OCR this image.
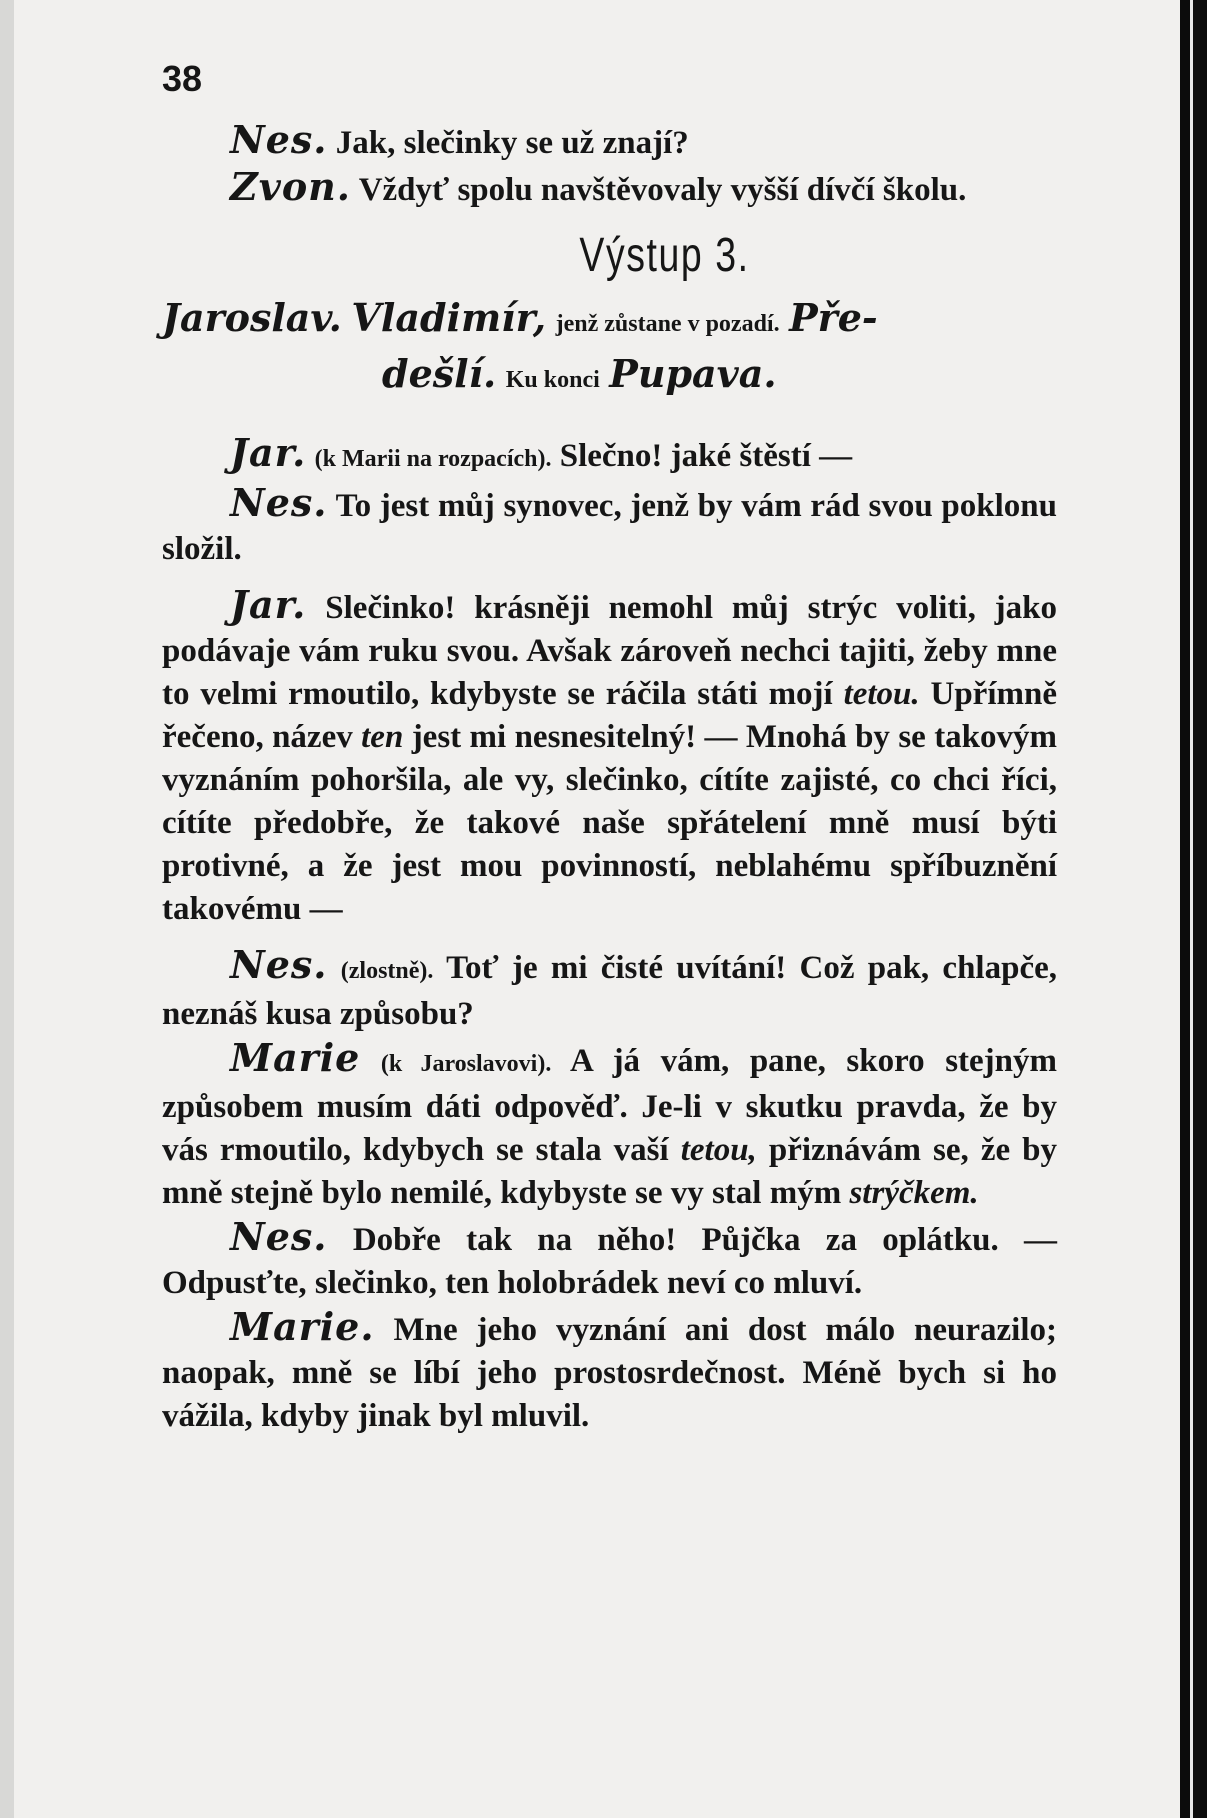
38

Nes. Jak, slečinky se už znají?

Zvon. Vždyť spolu navštěvovaly vyšší dívčí školu.

Výstup 3.
Jaroslav. Vladimír, jenž zůstane v pozadí. Pře-
dešlí. Ku konci Pupava.

Jar. (k Marii na rozpacích). Slečno! jaké štěstí —

Nes. To jest můj synovec, jenž by vám rád svou poklonu složil.

Jar. Slečinko! krásněji nemohl můj strýc voliti, jako podávaje vám ruku svou. Avšak zároveň nechci tajiti, žeby mne to velmi rmoutilo, kdybyste se ráčila státi mojí tetou. Upřímně řečeno, název ten jest mi nesnesitelný! — Mnohá by se takovým vyznáním pohoršila, ale vy, slečinko, cítíte zajisté, co chci říci, cítíte předobře, že takové naše spřátelení mně musí býti protivné, a že jest mou povinností, neblahému spříbuznění takovému —

Nes. (zlostně). Toť je mi čisté uvítání! Což pak, chlapče, neznáš kusa způsobu?

Marie (k Jaroslavovi). A já vám, pane, skoro stejným způsobem musím dáti odpověď. Je-li v skutku pravda, že by vás rmoutilo, kdybych se stala vaší tetou, přiznávám se, že by mně stejně bylo nemilé, kdybyste se vy stal mým strýčkem.

Nes. Dobře tak na něho! Půjčka za oplátku. — Odpusťte, slečinko, ten holobrádek neví co mluví.

Marie. Mne jeho vyznání ani dost málo neurazilo; naopak, mně se líbí jeho prostosrdečnost. Méně bych si ho vážila, kdyby jinak byl mluvil.
